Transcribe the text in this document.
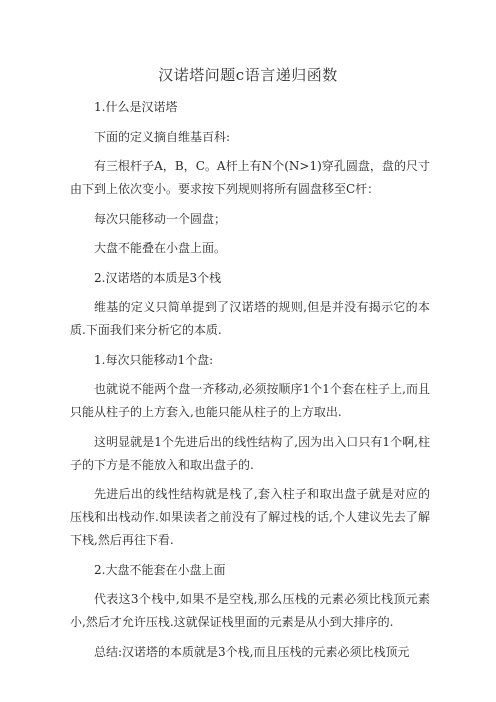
汉诺塔问题c语言递归函数

1.什么是汉诺塔

下面的定义摘自维基百科:

有三根杆子A，B，C。A杆上有N个(N>1)穿孔圆盘，盘的尺寸由下到上依次变小。要求按下列规则将所有圆盘移至C杆：

每次只能移动一个圆盘；

大盘不能叠在小盘上面。

2.汉诺塔的本质是3个栈

维基的定义只简单提到了汉诺塔的规则,但是并没有揭示它的本质.下面我们来分析它的本质.

1.每次只能移动1个盘:

也就说不能两个盘一齐移动,必须按顺序1个1个套在柱子上,而且只能从柱子的上方套入,也能只能从柱子的上方取出.

这明显就是1个先进后出的线性结构了,因为出入口只有1个啊,柱子的下方是不能放入和取出盘子的.

先进后出的线性结构就是栈了,套入柱子和取出盘子就是对应的压栈和出栈动作.如果读者之前没有了解过栈的话,个人建议先去了解下栈,然后再往下看.

2.大盘不能套在小盘上面

代表这3个栈中,如果不是空栈,那么压栈的元素必须比栈顶元素小,然后才允许压栈.这就保证栈里面的元素是从小到大排序的.

总结:汉诺塔的本质就是3个栈,而且压栈的元素必须比栈顶元
